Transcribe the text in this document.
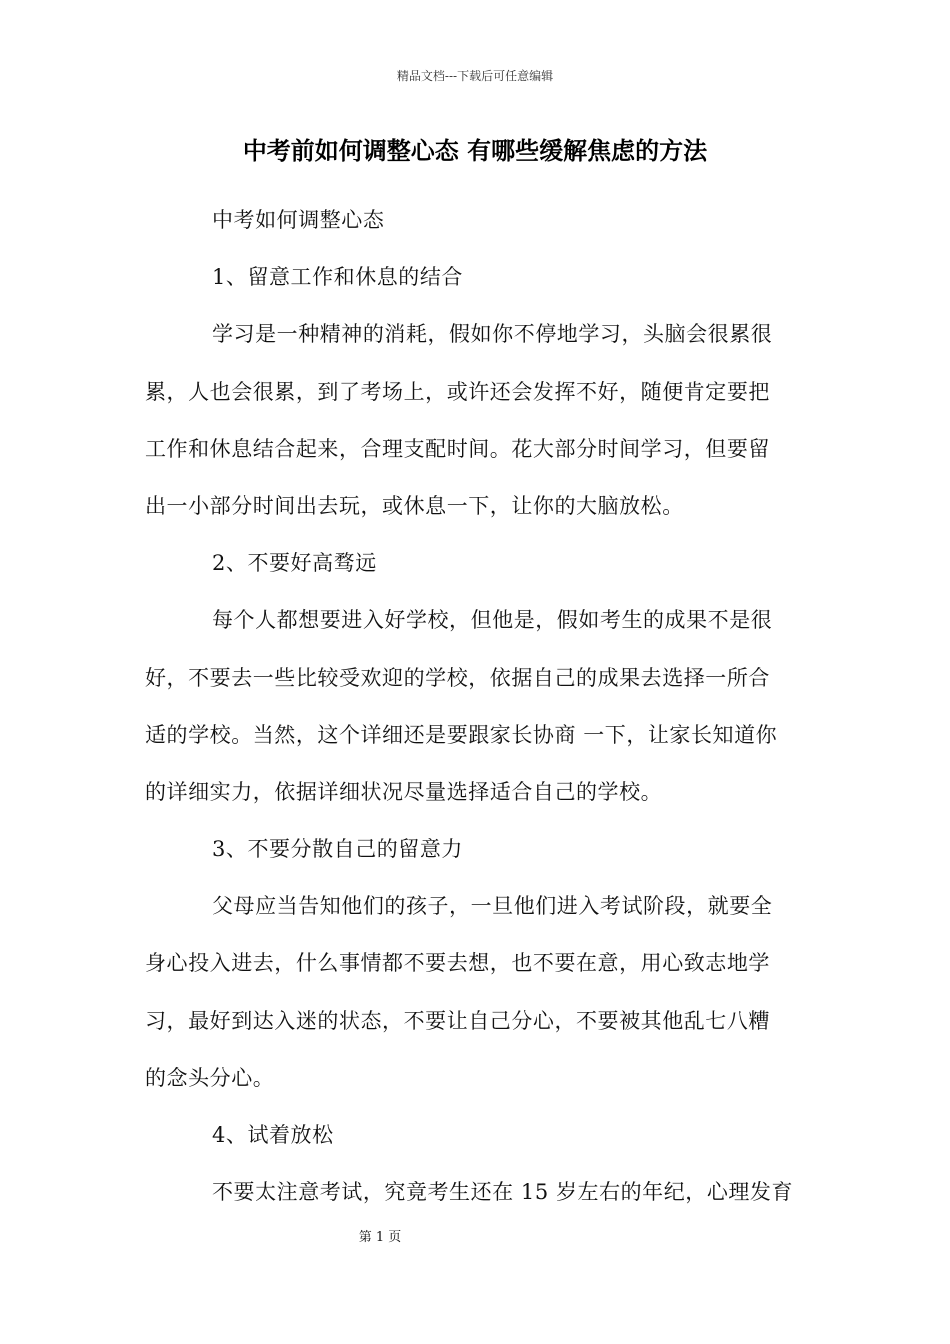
精品文档---下载后可任意编辑
中考前如何调整心态 有哪些缓解焦虑的方法
中考如何调整心态
1、留意工作和休息的结合
学习是一种精神的消耗，假如你不停地学习，头脑会很累很
累，人也会很累，到了考场上，或许还会发挥不好，随便肯定要把
工作和休息结合起来，合理支配时间。花大部分时间学习，但要留
出一小部分时间出去玩，或休息一下，让你的大脑放松。
2、不要好高骛远
每个人都想要进入好学校，但他是，假如考生的成果不是很
好，不要去一些比较受欢迎的学校，依据自己的成果去选择一所合
适的学校。当然，这个详细还是要跟家长协商 一下，让家长知道你
的详细实力，依据详细状况尽量选择适合自己的学校。
3、不要分散自己的留意力
父母应当告知他们的孩子，一旦他们进入考试阶段，就要全
身心投入进去，什么事情都不要去想，也不要在意，用心致志地学
习，最好到达入迷的状态，不要让自己分心，不要被其他乱七八糟
的念头分心。
4、试着放松
不要太注意考试，究竟考生还在 15 岁左右的年纪，心理发育
第 1 页
